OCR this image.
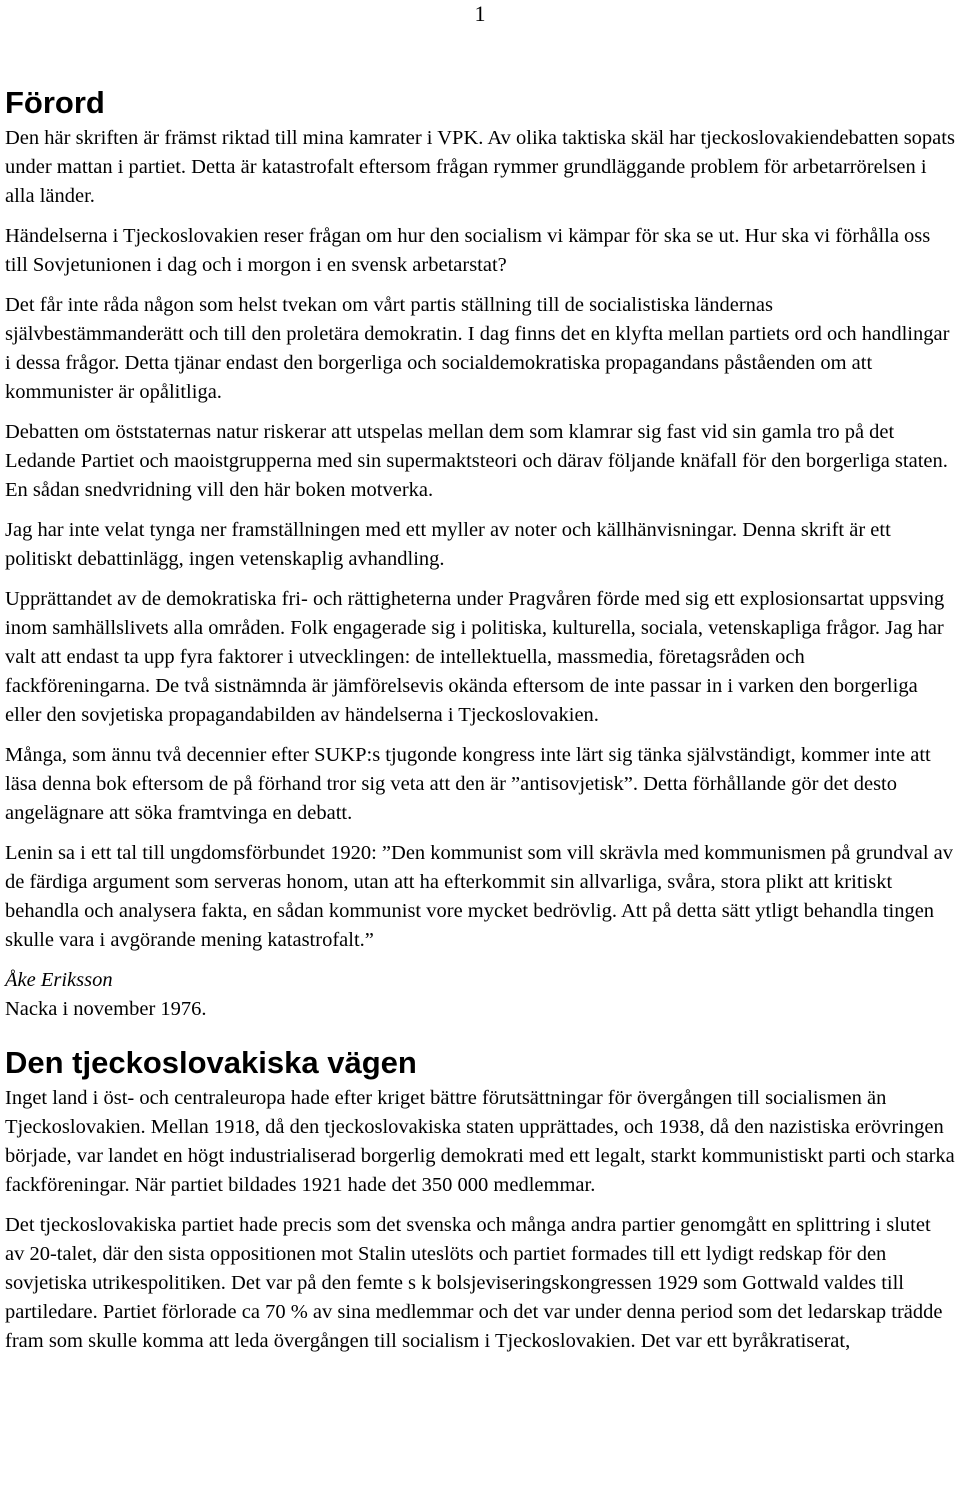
1
Förord

Den här skriften är främst riktad till mina kamrater i VPK. Av olika taktiska skäl har tjeckoslovakiendebatten sopats under mattan i partiet. Detta är katastrofalt eftersom frågan rymmer grundläggande problem för arbetarrörelsen i alla länder.

Händelserna i Tjeckoslovakien reser frågan om hur den socialism vi kämpar för ska se ut. Hur ska vi förhålla oss till Sovjetunionen i dag och i morgon i en svensk arbetarstat?

Det får inte råda någon som helst tvekan om vårt partis ställning till de socialistiska ländernas självbestämmanderätt och till den proletära demokratin. I dag finns det en klyfta mellan partiets ord och handlingar i dessa frågor. Detta tjänar endast den borgerliga och socialdemokratiska propagandans påståenden om att kommunister är opålitliga.

Debatten om öststaternas natur riskerar att utspelas mellan dem som klamrar sig fast vid sin gamla tro på det Ledande Partiet och maoistgrupperna med sin supermaktsteori och därav följande knäfall för den borgerliga staten. En sådan snedvridning vill den här boken motverka.

Jag har inte velat tynga ner framställningen med ett myller av noter och källhänvisningar. Denna skrift är ett politiskt debattinlägg, ingen vetenskaplig avhandling.

Upprättandet av de demokratiska fri- och rättigheterna under Pragvåren förde med sig ett explosionsartat uppsving inom samhällslivets alla områden. Folk engagerade sig i politiska, kulturella, sociala, vetenskapliga frågor. Jag har valt att endast ta upp fyra faktorer i utvecklingen: de intellektuella, massmedia, företagsråden och fackföreningarna. De två sistnämnda är jämförelsevis okända eftersom de inte passar in i varken den borgerliga eller den sovjetiska propagandabilden av händelserna i Tjeckoslovakien.

Många, som ännu två decennier efter SUKP:s tjugonde kongress inte lärt sig tänka självständigt, kommer inte att läsa denna bok eftersom de på förhand tror sig veta att den är ”antisovjetisk”. Detta förhållande gör det desto angelägnare att söka framtvinga en debatt.

Lenin sa i ett tal till ungdomsförbundet 1920: ”Den kommunist som vill skrävla med kommunismen på grundval av de färdiga argument som serveras honom, utan att ha efterkommit sin allvarliga, svåra, stora plikt att kritiskt behandla och analysera fakta, en sådan kommunist vore mycket bedrövlig. Att på detta sätt ytligt behandla tingen skulle vara i avgörande mening katastrofalt.”

Åke Eriksson
Nacka i november 1976.
Den tjeckoslovakiska vägen

Inget land i öst- och centraleuropa hade efter kriget bättre förutsättningar för övergången till socialismen än Tjeckoslovakien. Mellan 1918, då den tjeckoslovakiska staten upprättades, och 1938, då den nazistiska erövringen började, var landet en högt industrialiserad borgerlig demokrati med ett legalt, starkt kommunistiskt parti och starka fackföreningar. När partiet bildades 1921 hade det 350 000 medlemmar.

Det tjeckoslovakiska partiet hade precis som det svenska och många andra partier genomgått en splittring i slutet av 20-talet, där den sista oppositionen mot Stalin uteslöts och partiet formades till ett lydigt redskap för den sovjetiska utrikespolitiken. Det var på den femte s k bolsjeviseringskongressen 1929 som Gottwald valdes till partiledare. Partiet förlorade ca 70 % av sina medlemmar och det var under denna period som det ledarskap trädde fram som skulle komma att leda övergången till socialism i Tjeckoslovakien. Det var ett byråkratiserat,
